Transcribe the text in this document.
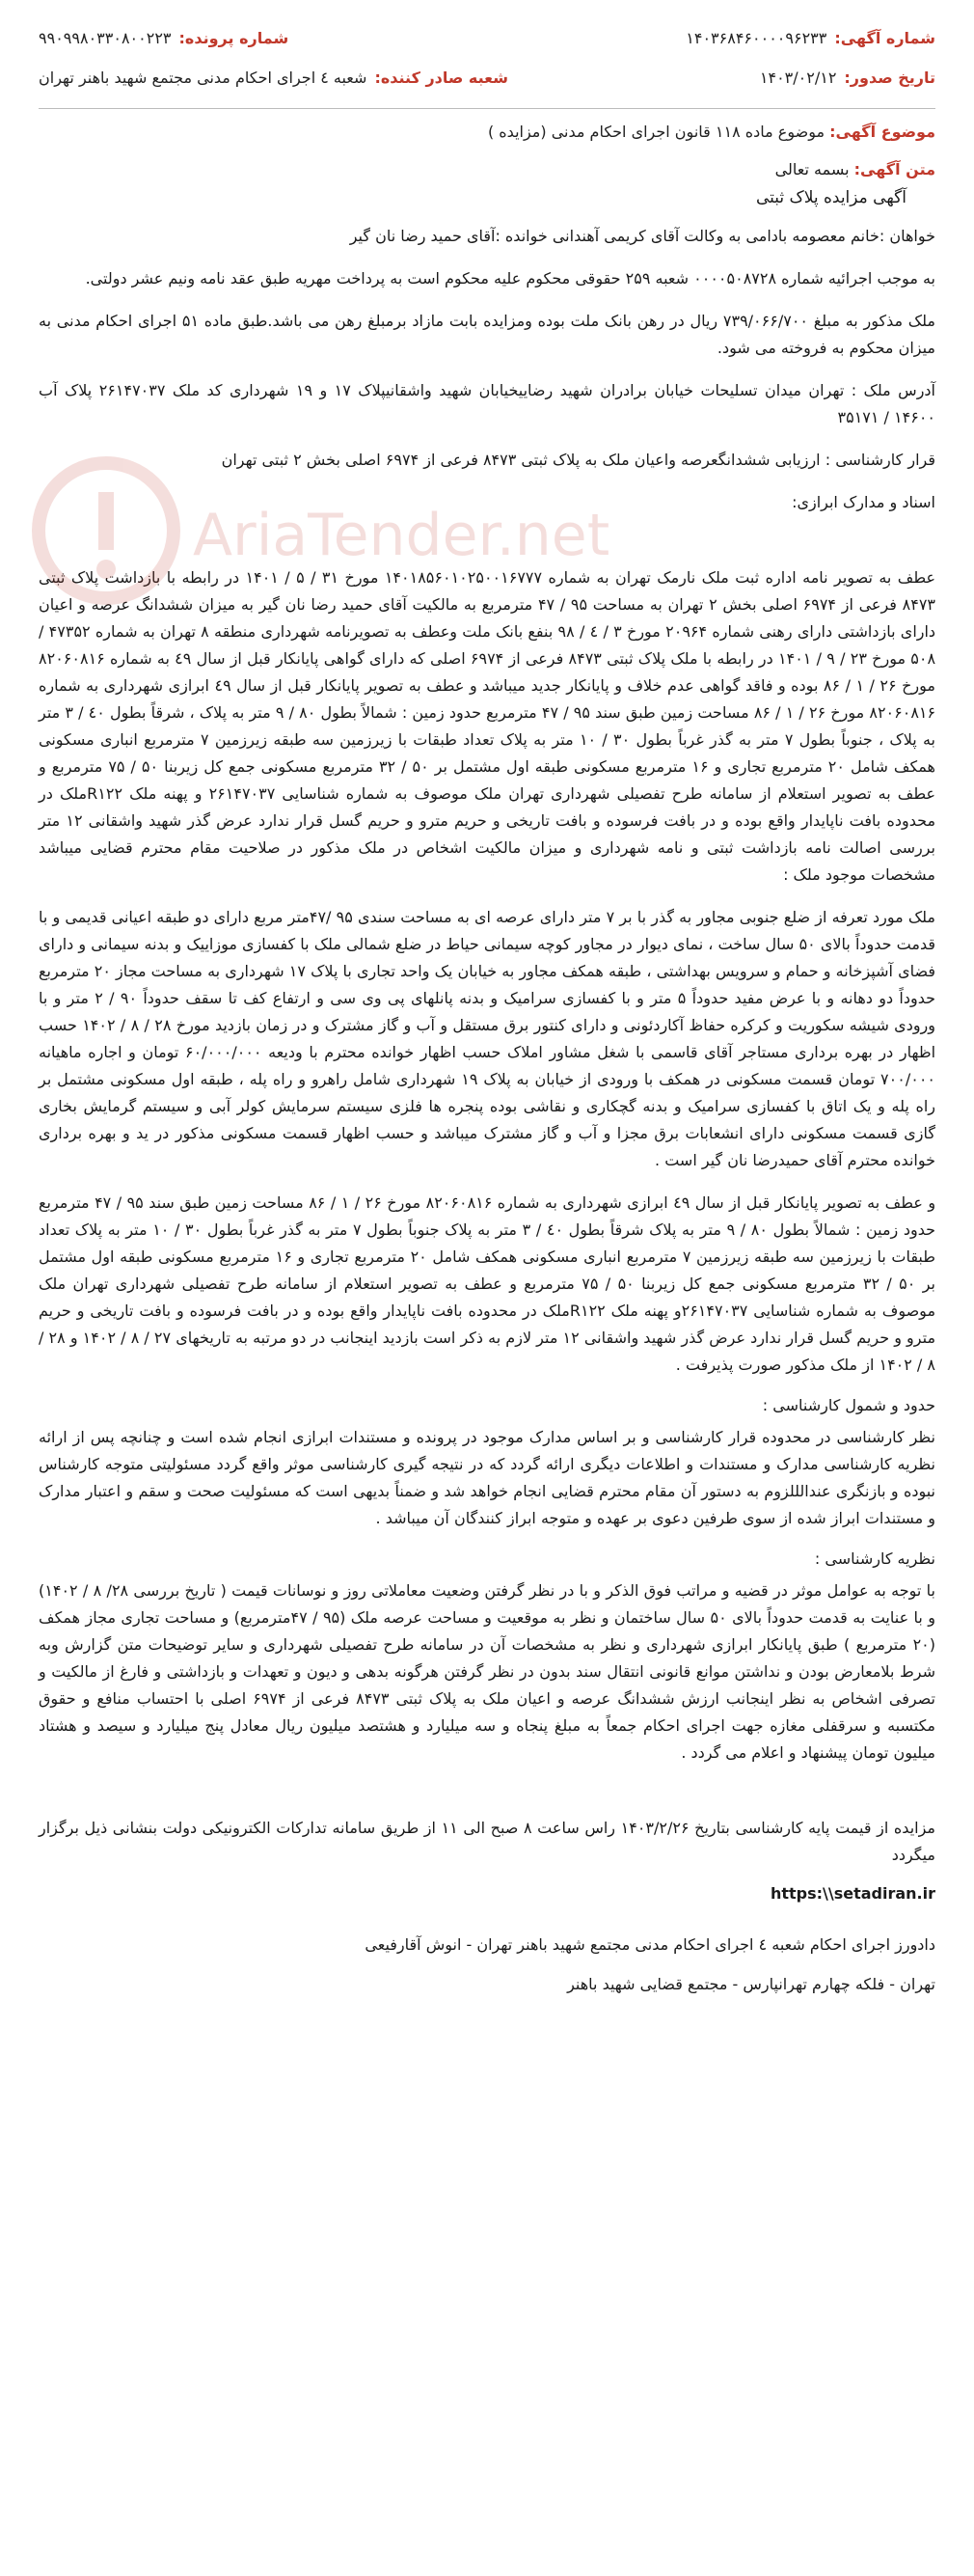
AriaTender.net
شماره آگهی:
۱۴۰۳۶۸۴۶۰۰۰۰۹۶۲۳۳
شماره پرونده:
۹۹۰۹۹۸۰۳۳۰۸۰۰۲۲۳
تاریخ صدور:
۱۴۰۳/۰۲/۱۲
شعبه صادر کننده:
شعبه ٤ اجرای احکام مدنی مجتمع شهید باهنر تهران
موضوع آگهی: موضوع ماده ۱۱۸ قانون اجرای احکام مدنی (مزایده )
متن آگهی: بسمه تعالی
آگهی مزایده پلاک ثبتی

خواهان :خانم معصومه بادامی به وکالت آقای کریمی آهندانی خوانده :آقای حمید رضا نان گیر

به موجب اجرائیه شماره ۰۰۰۰۵۰۸۷۲۸ شعبه ۲۵۹ حقوقی محکوم علیه محکوم است به پرداخت مهریه طبق عقد نامه ونیم عشر دولتی.

ملک مذکور به مبلغ ۷۳۹/۰۶۶/۷۰۰ ریال در رهن بانک ملت بوده ومزایده بابت مازاد برمبلغ رهن می باشد.طبق ماده ۵۱ اجرای احکام مدنی به میزان محکوم به فروخته می شود.

آدرس ملک : تهران میدان تسلیحات خیابان برادران شهید رضاییخیابان شهید واشقانیپلاک ۱۷ و ۱۹ شهرداری کد ملک ۲۶۱۴۷۰۳۷ پلاک آب ۱۴۶۰۰ / ۳۵۱۷۱

قرار کارشناسی : ارزیابی ششدانگعرصه واعیان ملک به پلاک ثبتی ۸۴۷۳ فرعی از ۶۹۷۴ اصلی بخش ۲ ثبتی تهران

اسناد و مدارک ابرازی:

عطف به تصویر نامه اداره ثبت ملک نارمک تهران به شماره ۱۴۰۱۸۵۶۰۱۰۲۵۰۰۱۶۷۷۷ مورخ ۳۱ / ۵ / ۱۴۰۱ در رابطه با بازداشت پلاک ثبتی ۸۴۷۳ فرعی از ۶۹۷۴ اصلی بخش ۲ تهران به مساحت ۹۵ / ۴۷ مترمربع به مالکیت آقای حمید رضا نان گیر به میزان ششدانگ عرصه و اعیان دارای بازداشتی دارای رهنی شماره ۲۰۹۶۴ مورخ ۳ / ٤ / ۹۸ بنفع بانک ملت وعطف به تصویرنامه شهرداری منطقه ۸ تهران به شماره ۴۷۳۵۲ / ۵۰۸ مورخ ۲۳ / ۹ / ۱۴۰۱ در رابطه با ملک پلاک ثبتی ۸۴۷۳ فرعی از ۶۹۷۴ اصلی که دارای گواهی پایانکار قبل از سال ٤۹ به شماره ۸۲۰۶۰۸۱۶ مورخ ۲۶ / ۱ / ۸۶ بوده و فاقد گواهی عدم خلاف و پایانکار جدید میباشد و عطف به تصویر پایانکار قبل از سال ٤۹ ابرازی شهرداری به شماره ۸۲۰۶۰۸۱۶ مورخ ۲۶ / ۱ / ۸۶ مساحت زمین طبق سند ۹۵ / ۴۷ مترمربع حدود زمین : شمالاً بطول ۸۰ / ۹ متر به پلاک ، شرقاً بطول ٤۰ / ۳ متر به پلاک ، جنوباً بطول ۷ متر به گذر غرباً بطول ۳۰ / ۱۰ متر به پلاک تعداد طبقات با زیرزمین سه طبقه زیرزمین ۷ مترمربع انباری مسکونی همکف شامل ۲۰ مترمربع تجاری و ۱۶ مترمربع مسکونی طبقه اول مشتمل بر ۵۰ / ۳۲ مترمربع مسکونی جمع کل زیربنا ۵۰ / ۷۵ مترمربع و عطف به تصویر استعلام از سامانه طرح تفصیلی شهرداری تهران ملک موصوف به شماره شناسایی ۲۶۱۴۷۰۳۷ و پهنه ملک R۱۲۲ملک در محدوده بافت ناپایدار واقع بوده و در بافت فرسوده و بافت تاریخی و حریم مترو و حریم گسل قرار ندارد عرض گذر شهید واشقانی ۱۲ متر بررسی اصالت نامه بازداشت ثبتی و نامه شهرداری و میزان مالکیت اشخاص در ملک مذکور در صلاحیت مقام محترم قضایی میباشد مشخصات موجود ملک :

ملک مورد تعرفه از ضلع جنوبی مجاور به گذر با بر ۷ متر دارای عرصه ای به مساحت سندی ۹۵ /۴۷متر مربع دارای دو طبقه اعیانی قدیمی و با قدمت حدوداً بالای ۵۰ سال ساخت ، نمای دیوار در مجاور کوچه سیمانی حیاط در ضلع شمالی ملک با کفسازی موزاییک و بدنه سیمانی و دارای فضای آشپزخانه و حمام و سرویس بهداشتی ، طبقه همکف مجاور به خیابان یک واحد تجاری با پلاک ۱۷ شهرداری به مساحت مجاز ۲۰ مترمربع حدوداً دو دهانه و با عرض مفید حدوداً ۵ متر و با کفسازی سرامیک و بدنه پانلهای پی وی سی و ارتفاع کف تا سقف حدوداً ۹۰ / ۲ متر و با ورودی شیشه سکوریت و کرکره حفاظ آکاردئونی و دارای کنتور برق مستقل و آب و گاز مشترک و در زمان بازدید مورخ ۲۸ / ۸ / ۱۴۰۲ حسب اظهار در بهره برداری مستاجر آقای قاسمی با شغل مشاور املاک حسب اظهار خوانده محترم با ودیعه ۶۰/۰۰۰/۰۰۰ تومان و اجاره ماهیانه ۷۰۰/۰۰۰ تومان قسمت مسکونی در همکف با ورودی از خیابان به پلاک ۱۹ شهرداری شامل راهرو و راه پله ، طبقه اول مسکونی مشتمل بر راه پله و یک اتاق با کفسازی سرامیک و بدنه گچکاری و نقاشی بوده پنجره ها فلزی سیستم سرمایش کولر آبی و سیستم گرمایش بخاری گازی قسمت مسکونی دارای انشعابات برق مجزا و آب و گاز مشترک میباشد و حسب اظهار قسمت مسکونی مذکور در ید و بهره برداری خوانده محترم آقای حمیدرضا نان گیر است .

و عطف به تصویر پایانکار قبل از سال ٤۹ ابرازی شهرداری به شماره ۸۲۰۶۰۸۱۶ مورخ ۲۶ / ۱ / ۸۶ مساحت زمین طبق سند ۹۵ / ۴۷ مترمربع حدود زمین : شمالاً بطول ۸۰ / ۹ متر به پلاک شرقاً بطول ٤۰ / ۳ متر به پلاک جنوباً بطول ۷ متر به گذر غرباً بطول ۳۰ / ۱۰ متر به پلاک تعداد طبقات با زیرزمین سه طبقه زیرزمین ۷ مترمربع انباری مسکونی همکف شامل ۲۰ مترمربع تجاری و ۱۶ مترمربع مسکونی طبقه اول مشتمل بر ۵۰ / ۳۲ مترمربع مسکونی جمع کل زیربنا ۵۰ / ۷۵ مترمربع و عطف به تصویر استعلام از سامانه طرح تفصیلی شهرداری تهران ملک موصوف به شماره شناسایی ۲۶۱۴۷۰۳۷و پهنه ملک R۱۲۲ملک در محدوده بافت ناپایدار واقع بوده و در بافت فرسوده و بافت تاریخی و حریم مترو و حریم گسل قرار ندارد عرض گذر شهید واشقانی ۱۲ متر لازم به ذکر است بازدید اینجانب در دو مرتبه به تاریخهای ۲۷ / ۸ / ۱۴۰۲ و ۲۸ / ۸ / ۱۴۰۲ از ملک مذکور صورت پذیرفت .

حدود و شمول کارشناسی :

نظر کارشناسی در محدوده قرار کارشناسی و بر اساس مدارک موجود در پرونده و مستندات ابرازی انجام شده است و چنانچه پس از ارائه نظریه کارشناسی مدارک و مستندات و اطلاعات دیگری ارائه گردد که در نتیجه گیری کارشناسی موثر واقع گردد مسئولیتی متوجه کارشناس نبوده و بازنگری عندالللزوم به دستور آن مقام محترم قضایی انجام خواهد شد و ضمناً بدیهی است که مسئولیت صحت و سقم و اعتبار مدارک و مستندات ابراز شده از سوی طرفین دعوی بر عهده و متوجه ابراز کنندگان آن میباشد .

نظریه کارشناسی :

با توجه به عوامل موثر در قضیه و مراتب فوق الذکر و با در نظر گرفتن وضعیت معاملاتی روز و نوسانات قیمت ( تاریخ بررسی ۲۸/ ۸ / ۱۴۰۲) و با عنایت به قدمت حدوداً بالای ۵۰ سال ساختمان و نظر به موقعیت و مساحت عرصه ملک (۹۵ / ۴۷مترمربع) و مساحت تجاری مجاز همکف (۲۰ مترمربع ) طبق پایانکار ابرازی شهرداری و نظر به مشخصات آن در سامانه طرح تفصیلی شهرداری و سایر توضیحات متن گزارش وبه شرط بلامعارض بودن و نداشتن موانع قانونی انتقال سند بدون در نظر گرفتن هرگونه بدهی و دیون و تعهدات و بازداشتی و فارغ از مالکیت و تصرفی اشخاص به نظر اینجانب ارزش ششدانگ عرصه و اعیان ملک به پلاک ثبتی ۸۴۷۳ فرعی از ۶۹۷۴ اصلی با احتساب منافع و حقوق مکتسبه و سرقفلی مغازه جهت اجرای احکام جمعاً به مبلغ پنجاه و سه میلیارد و هشتصد میلیون ریال معادل پنج میلیارد و سیصد و هشتاد میلیون تومان پیشنهاد و اعلام می گردد .

مزایده از قیمت پایه کارشناسی بتاریخ ۱۴۰۳/۲/۲۶ راس ساعت ۸ صبح الی ۱۱ از طریق سامانه تدارکات الکترونیکی دولت بنشانی ذیل برگزار میگردد

https:\\setadiran.ir
دادورز اجرای احکام شعبه ٤ اجرای احکام مدنی مجتمع شهید باهنر تهران - انوش آقارفیعی
تهران - فلکه چهارم تهرانپارس - مجتمع قضایی شهید باهنر
